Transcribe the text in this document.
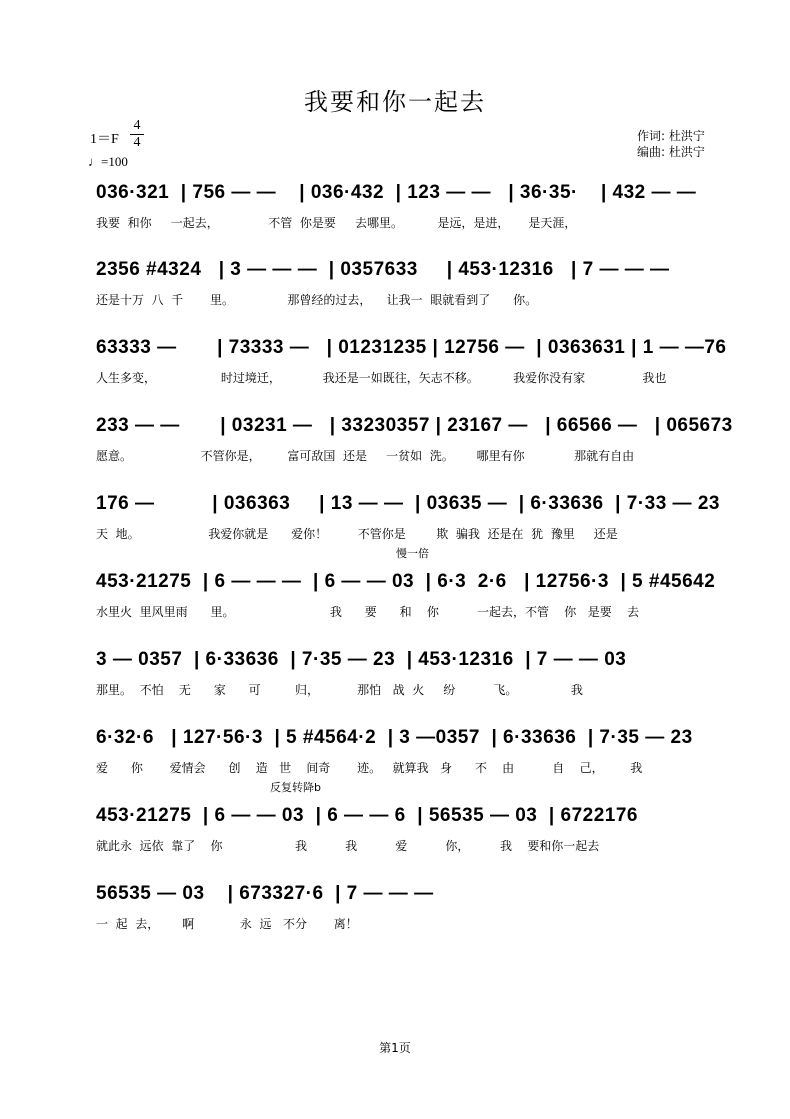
我要和你一起去
1＝F
4
4
♩=100
作词: 杜洪宁
编曲: 杜洪宁
036·321  | 756 — —    | 036·432  | 123 — —   | 36·35·    | 432 — —
我要  和你     一起去，             不管  你是要     去哪里。         是远，是进，     是天涯，
2356 #4324   | 3 — — —  | 0357633     | 453·12316   | 7 — — —
还是十万  八  千       里。              那曾经的过去，    让我一  眼就看到了      你。
63333 —       | 73333 —   | 01231235 | 12756 —  | 0363631 | 1 — —76
人生多变，                 时过境迁，           我还是一如既往，矢志不移。         我爱你没有家               我也
233 — —       | 03231 —   | 33230357 | 23167 —   | 66566 —   | 065673
愿意。                  不管你是，       富可敌国  还是     一贫如  洗。      哪里有你             那就有自由
176 —          | 036363     | 13 — —  | 03635 —  | 6·33636  | 7·33 — 23
天  地。                  我爱你就是      爱你！        不管你是        欺  骗我  还是在  犹  豫里     还是
453·21275  | 6 — — —  | 6 — — 03  | 6·3  2·6   | 12756·3  | 5 #45642
水里火  里风里雨      里。                         我      要      和    你          一起去，不管    你   是要    去
3 — 0357  | 6·33636  | 7·35 — 23  | 453·12316  | 7 — — 03
那里。  不怕    无      家      可         归，          那怕   战  火     纷          飞。              我
6·32·6   | 127·56·3  | 5 #4564·2  | 3 —0357  | 6·33636  | 7·35 — 23
爱      你       爱情会      创    造   世    间奇       迹。   就算我   身      不    由          自    己，       我
453·21275  | 6 — — 03  | 6 — — 6  | 56535 — 03  | 6722176
就此永  远依  靠了    你                   我          我          爱          你，        我    要和你一起去
56535 — 03    | 673327·6  | 7 — — —
一  起  去，      啊            永  远   不分       离！
慢一倍
反复转降b
第1页
